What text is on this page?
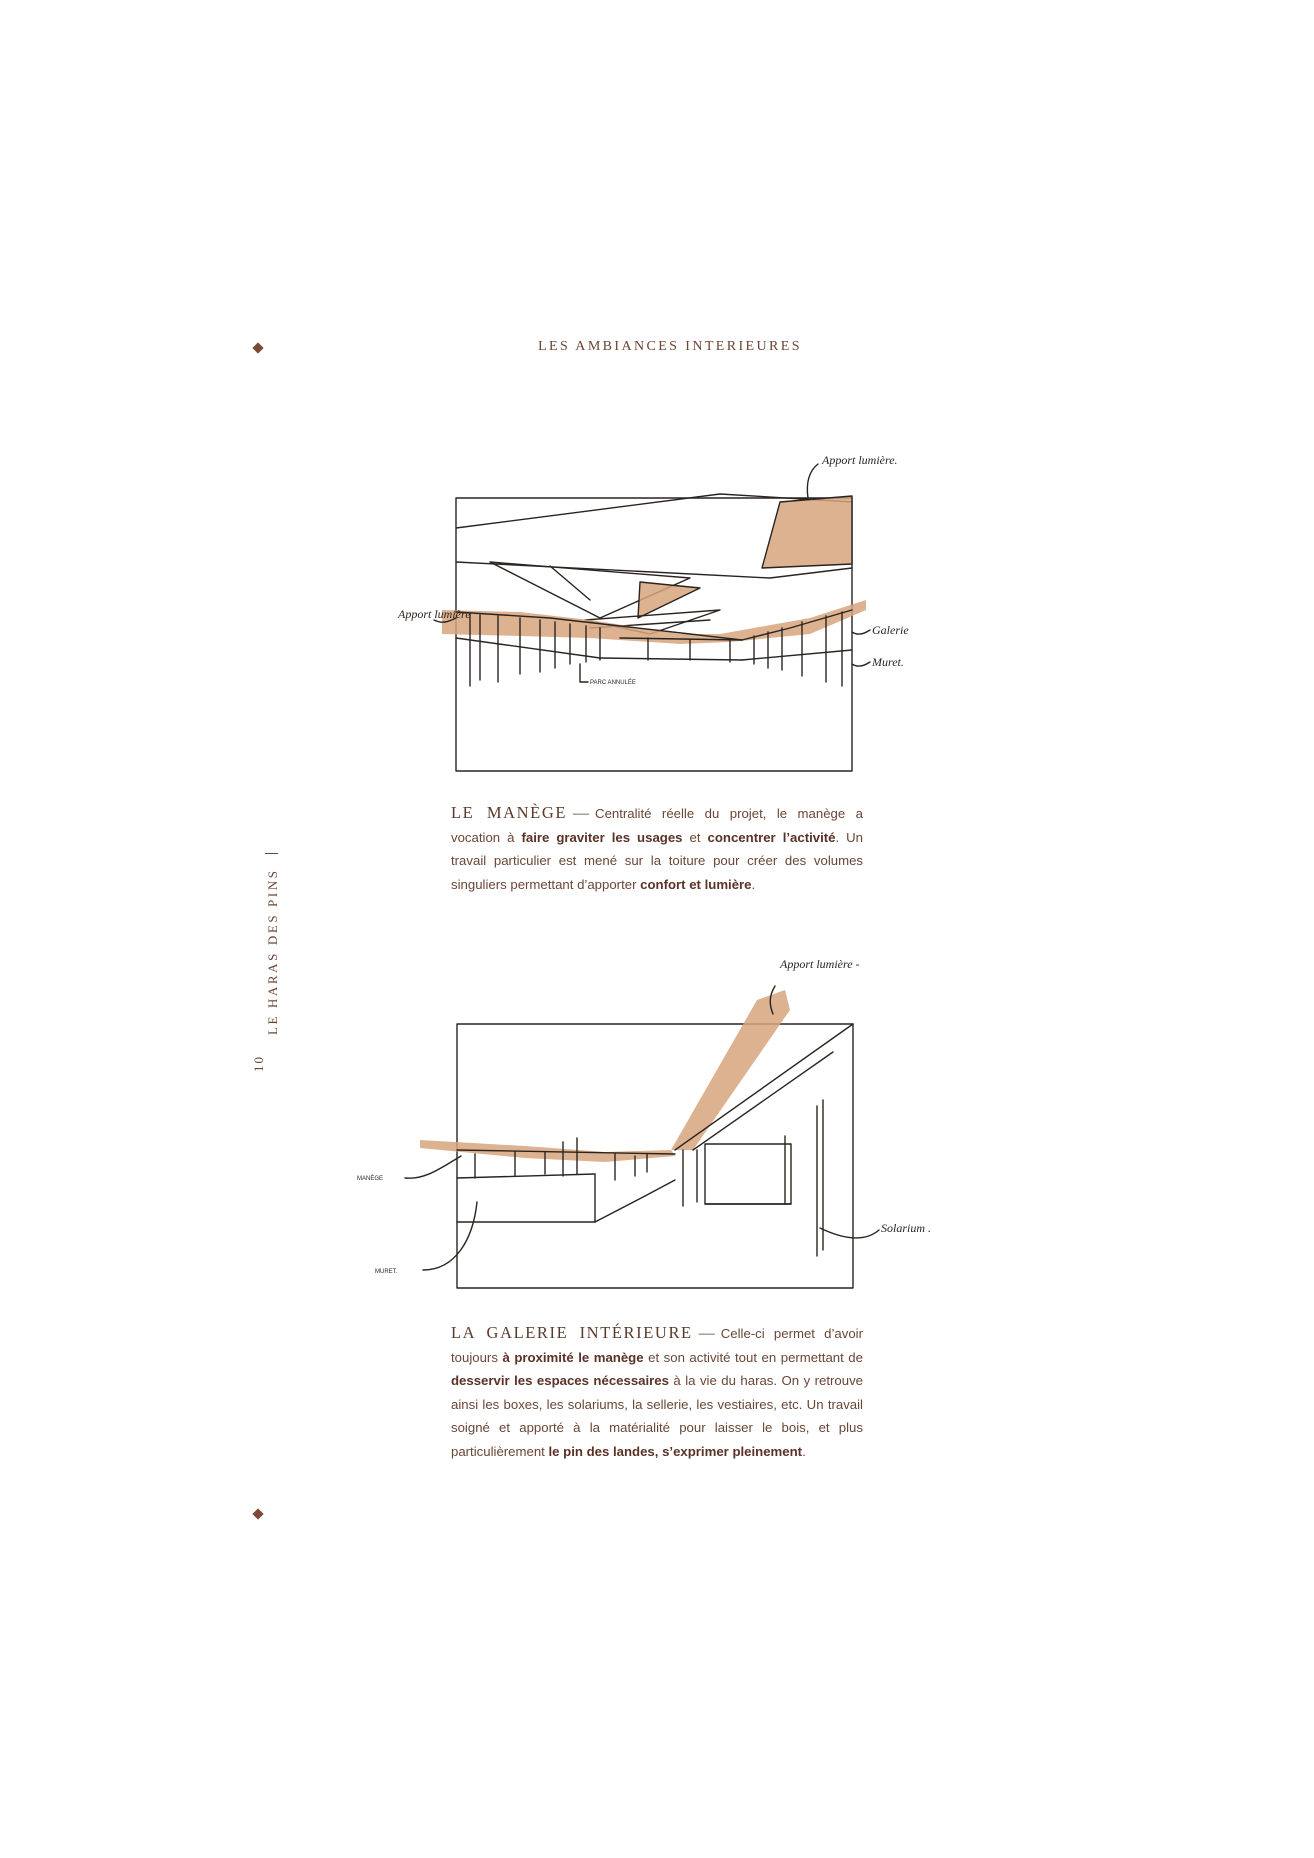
LES AMBIANCES INTERIEURES
LE HARAS DES PINS
10
Apport lumière.
Apport lumière
Galerie
Muret.
PARC ANNULÉE
LE MANÈGE — Centralité réelle du projet, le manège a vocation à faire graviter les usages et concentrer l’activité. Un travail particulier est mené sur la toiture pour créer des volumes singuliers permettant d’apporter confort et lumière.
Apport lumière -
MANÈGE
MURET.
Solarium .
LA GALERIE INTÉRIEURE — Celle-ci permet d’avoir toujours à proximité le manège et son activité tout en permettant de desservir les espaces nécessaires à la vie du haras. On y retrouve ainsi les boxes, les solariums, la sellerie, les vestiaires, etc. Un travail soigné et apporté à la matérialité pour laisser le bois, et plus particulièrement le pin des landes, s’exprimer pleinement.
